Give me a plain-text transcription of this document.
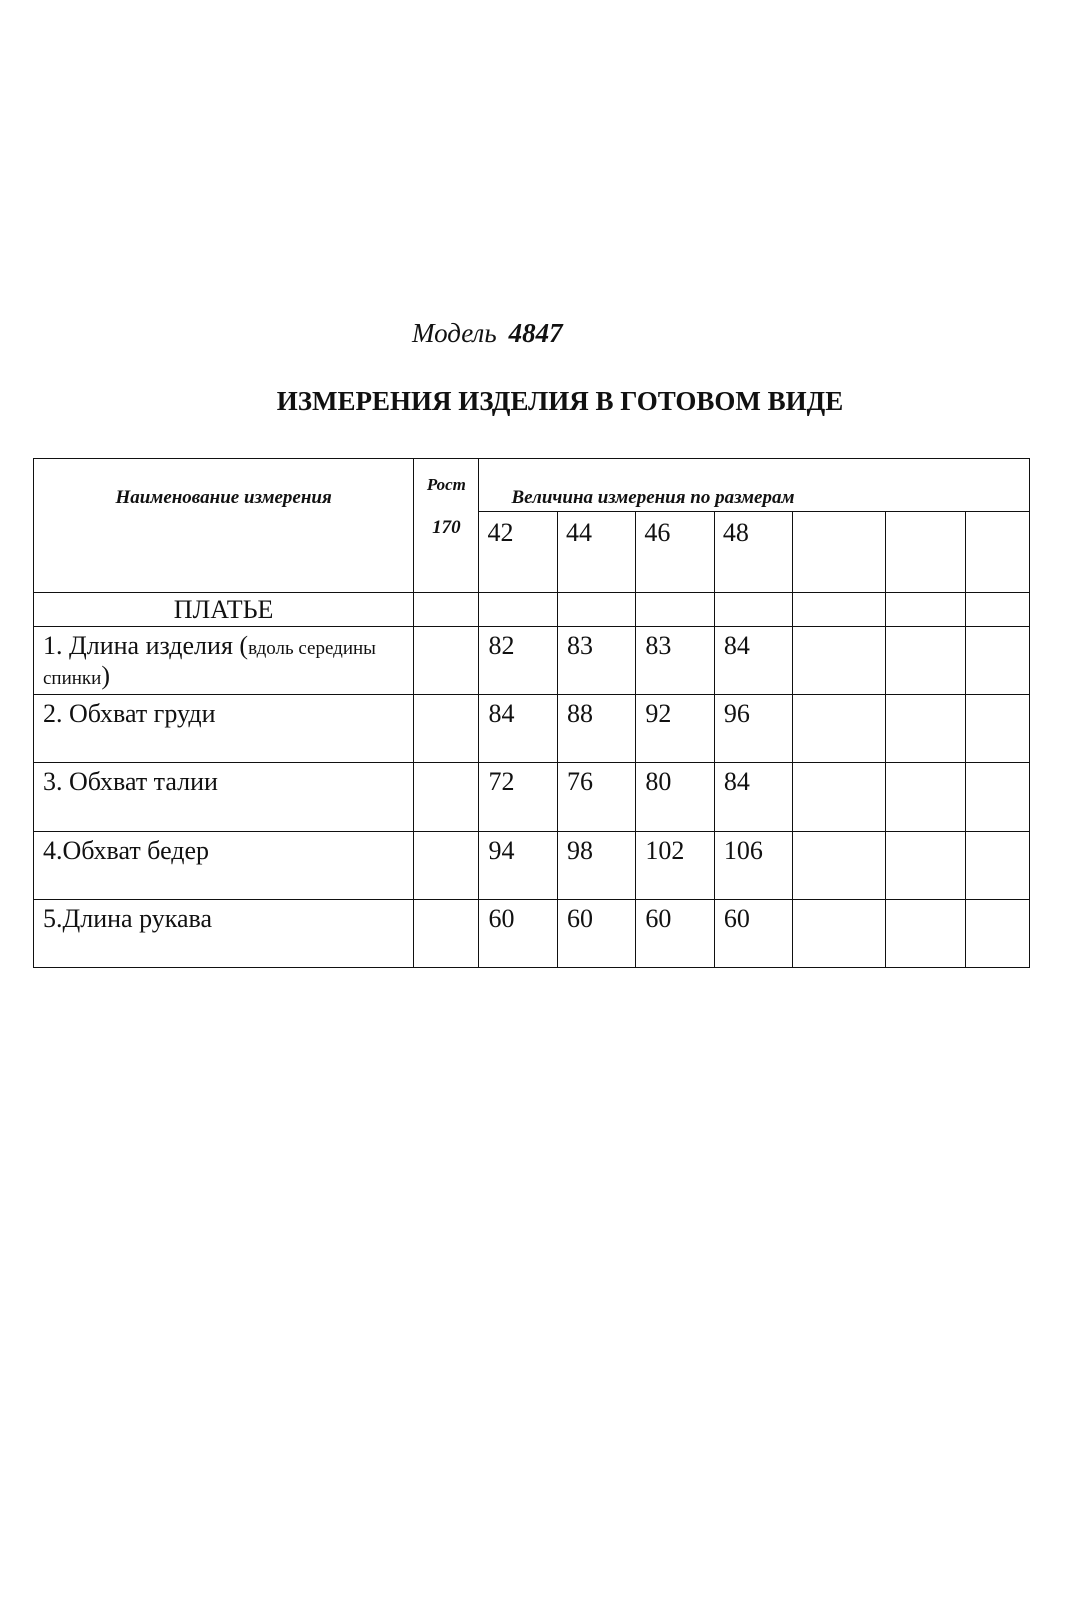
Модель 4847
ИЗМЕРЕНИЯ ИЗДЕЛИЯ В ГОТОВОМ ВИДЕ
Наименование измерения	Рост
170	Величина измерения по размерам						
		42	44	46	48			
ПЛАТЬЕ								
1. Длина изделия (вдоль середины спинки)		82	83	83	84			
2. Обхват груди		84	88	92	96			
3. Обхват талии		72	76	80	84			
4.Обхват бедер		94	98	102	106			
5.Длина рукава		60	60	60	60			
